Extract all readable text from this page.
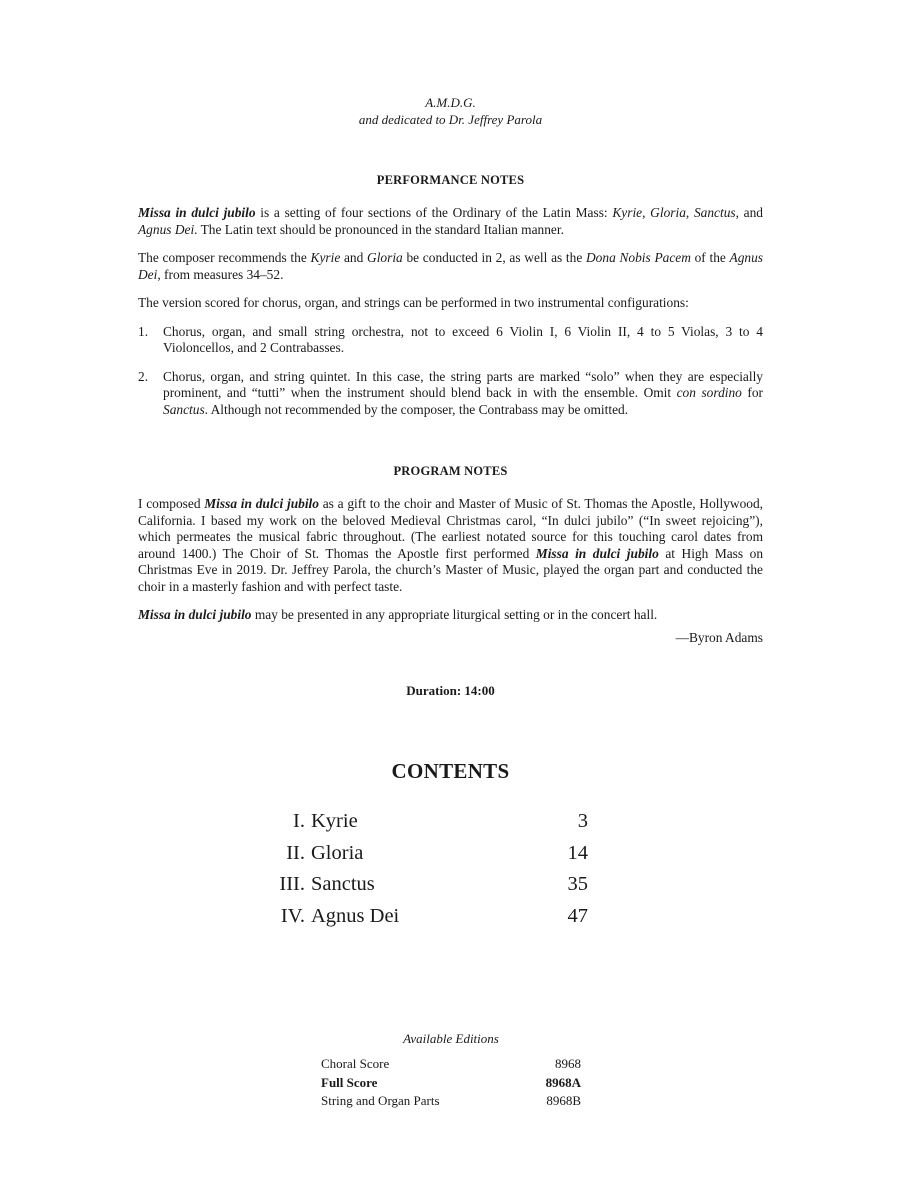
A.M.D.G.
and dedicated to Dr. Jeffrey Parola
PERFORMANCE NOTES

Missa in dulci jubilo is a setting of four sections of the Ordinary of the Latin Mass: Kyrie, Gloria, Sanctus, and Agnus Dei. The Latin text should be pronounced in the standard Italian manner.

The composer recommends the Kyrie and Gloria be conducted in 2, as well as the Dona Nobis Pacem of the Agnus Dei, from measures 34–52.

The version scored for chorus, organ, and strings can be performed in two instrumental configurations:

1.	Chorus, organ, and small string orchestra, not to exceed 6 Violin I, 6 Violin II, 4 to 5 Violas, 3 to 4 Violoncellos, and 2 Contrabasses.
2.	Chorus, organ, and string quintet. In this case, the string parts are marked “solo” when they are especially prominent, and “tutti” when the instrument should blend back in with the ensemble. Omit con sordino for Sanctus. Although not recommended by the composer, the Contrabass may be omitted.
PROGRAM NOTES

I composed Missa in dulci jubilo as a gift to the choir and Master of Music of St. Thomas the Apostle, Hollywood, California. I based my work on the beloved Medieval Christmas carol, “In dulci jubilo” (“In sweet rejoicing”), which permeates the musical fabric throughout. (The earliest notated source for this touching carol dates from around 1400.) The Choir of St. Thomas the Apostle first performed Missa in dulci jubilo at High Mass on Christmas Eve in 2019. Dr. Jeffrey Parola, the church’s Master of Music, played the organ part and conducted the choir in a masterly fashion and with perfect taste.

Missa in dulci jubilo may be presented in any appropriate liturgical setting or in the concert hall.

—Byron Adams
Duration: 14:00
CONTENTS
I. Kyrie	3
II. Gloria	14
III. Sanctus	35
IV. Agnus Dei	47
Available Editions
Choral Score	8968
Full Score	8968A
String and Organ Parts	8968B
